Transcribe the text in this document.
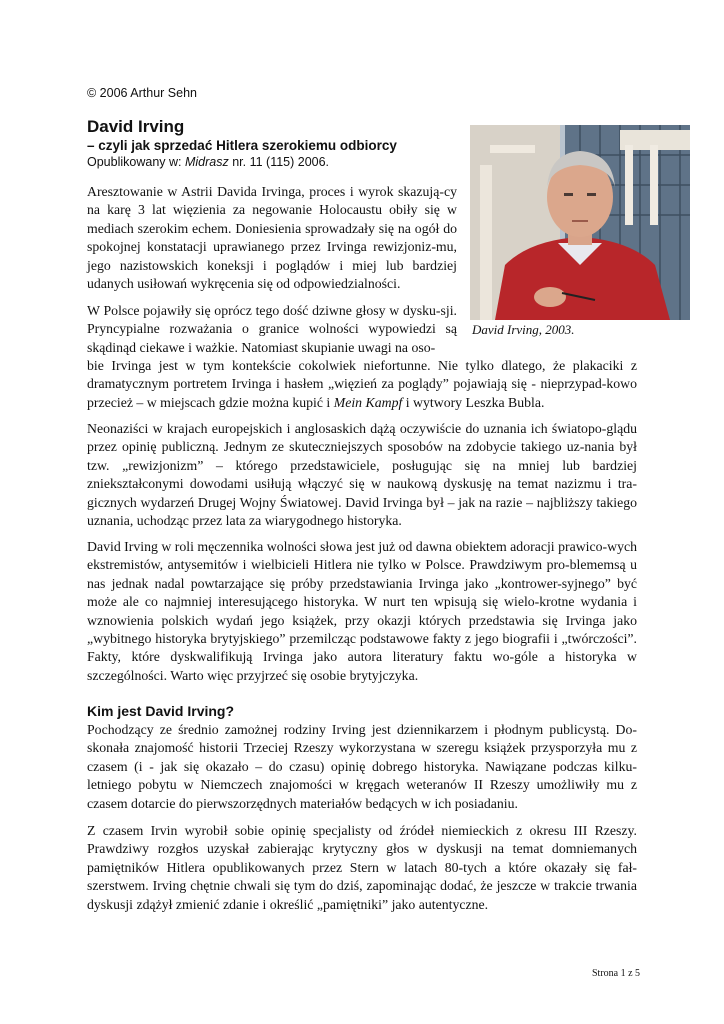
© 2006 Arthur Sehn
David Irving
– czyli jak sprzedać Hitlera szerokiemu odbiorcy
Opublikowany w: Midrasz nr. 11 (115) 2006.
David Irving, 2003.
Aresztowanie w Astrii Davida Irvinga, proces i wyrok skazują-cy na karę 3 lat więzienia za negowanie Holocaustu obiły się w mediach szerokim echem. Doniesienia sprowadzały się na ogół do spokojnej konstatacji uprawianego przez Irvinga rewizjoniz-mu, jego nazistowskich koneksji i poglądów i miej lub bardziej udanych usiłowań wykręcenia się od odpowiedzialności.
W Polsce pojawiły się oprócz tego dość dziwne głosy w dysku-sji. Pryncypialne rozważania o granice wolności wypowiedzi są skądinąd ciekawe i ważkie. Natomiast skupianie uwagi na oso-
bie Irvinga jest w tym kontekście cokolwiek niefortunne. Nie tylko dlatego, że plakaciki z dramatycznym portretem Irvinga i hasłem „więzień za poglądy” pojawiają się - nieprzypad-kowo przecież – w miejscach gdzie można kupić i Mein Kampf i wytwory Leszka Bubla.
Neonaziści w krajach europejskich i anglosaskich dążą oczywiście do uznania ich światopo-glądu przez opinię publiczną. Jednym ze skuteczniejszych sposobów na zdobycie takiego uz-nania był tzw. „rewizjonizm” – którego przedstawiciele, posługując się na mniej lub bardziej zniekształconymi dowodami usiłują włączyć się w naukową dyskusję na temat nazizmu i tra-gicznych wydarzeń Drugej Wojny Światowej. David Irvinga był – jak na razie – najbliższy takiego uznania, uchodząc przez lata za wiarygodnego historyka.
David Irving w roli męczennika wolności słowa jest już od dawna obiektem adoracji prawico-wych ekstremistów, antysemitów i wielbicieli Hitlera nie tylko w Polsce. Prawdziwym pro-blememsą u nas jednak nadal powtarzające się próby przedstawiania Irvinga jako „kontrower-syjnego” być może ale co najmniej interesującego historyka. W nurt ten wpisują się wielo-krotne wydania i wznowienia polskich wydań jego książek, przy okazji których przedstawia się Irvinga jako „wybitnego historyka brytyjskiego” przemilcząc podstawowe fakty z jego biografii i „twórczości”. Fakty, które dyskwalifikują Irvinga jako autora literatury faktu wo-góle a historyka w szczególności. Warto więc przyjrzeć się osobie brytyjczyka.
Kim jest David Irving?
Pochodzący ze średnio zamożnej rodziny Irving jest dziennikarzem i płodnym publicystą. Do-skonała znajomość historii Trzeciej Rzeszy wykorzystana w szeregu książek przysporzyła mu z czasem (i - jak się okazało – do czasu) opinię dobrego historyka. Nawiązane podczas kilku-letniego pobytu w Niemczech znajomości w kręgach weteranów II Rzeszy umożliwiły mu z czasem dotarcie do pierwszorzędnych materiałów bedących w ich posiadaniu.
Z czasem Irvin wyrobił sobie opinię specjalisty od źródeł niemieckich z okresu III Rzeszy. Prawdziwy rozgłos uzyskał zabierając krytyczny głos w dyskusji na temat domniemanych pamiętników Hitlera opublikowanych przez Stern w latach 80-tych a które okazały się fał-szerstwem. Irving chętnie chwali się tym do dziś, zapominając dodać, że jeszcze w trakcie trwania dyskusji zdążył zmienić zdanie i określić „pamiętniki” jako autentyczne.
Strona 1 z 5
